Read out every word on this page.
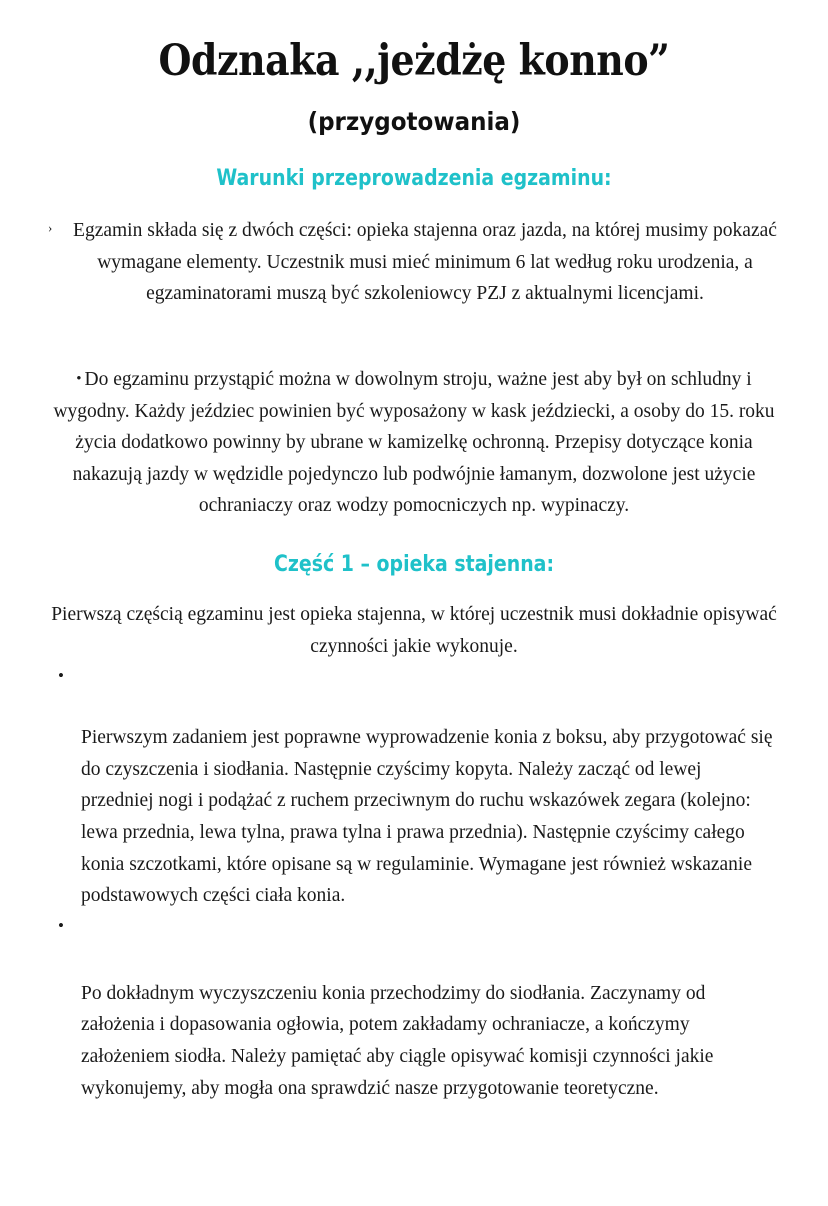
Odznaka ,,jeżdżę konno”
(przygotowania)
Warunki przeprowadzenia egzaminu:
›	Egzamin składa się z dwóch części: opieka stajenna oraz jazda, na której musimy pokazać wymagane elementy. Uczestnik musi mieć minimum 6 lat według roku urodzenia, a egzaminatorami muszą być szkoleniowcy PZJ z aktualnymi licencjami.

• Do egzaminu przystąpić można w dowolnym stroju, ważne jest aby był on schludny i wygodny. Każdy jeździec powinien być wyposażony w kask jeździecki, a osoby do 15. roku życia dodatkowo powinny by ubrane w kamizelkę ochronną. Przepisy dotyczące konia nakazują jazdy w wędzidle pojedynczo lub podwójnie łamanym, dozwolone jest użycie ochraniaczy oraz wodzy pomocniczych np. wypinaczy.

Część 1 – opieka stajenna:

Pierwszą częścią egzaminu jest opieka stajenna, w której uczestnik musi dokładnie opisywać czynności jakie wykonuje.

• Pierwszym zadaniem jest poprawne wyprowadzenie konia z boksu, aby przygotować się do czyszczenia i siodłania. Następnie czyścimy kopyta. Należy zacząć od lewej przedniej nogi i podążać z ruchem przeciwnym do ruchu wskazówek zegara (kolejno: lewa przednia, lewa tylna, prawa tylna i prawa przednia). Następnie czyścimy całego konia szczotkami, które opisane są w regulaminie. Wymagane jest również wskazanie podstawowych części ciała konia.
• Po dokładnym wyczyszczeniu konia przechodzimy do siodłania. Zaczynamy od założenia i dopasowania ogłowia, potem zakładamy ochraniacze, a kończymy założeniem siodła. Należy pamiętać aby ciągle opisywać komisji czynności jakie wykonujemy, aby mogła ona sprawdzić nasze przygotowanie teoretyczne.
